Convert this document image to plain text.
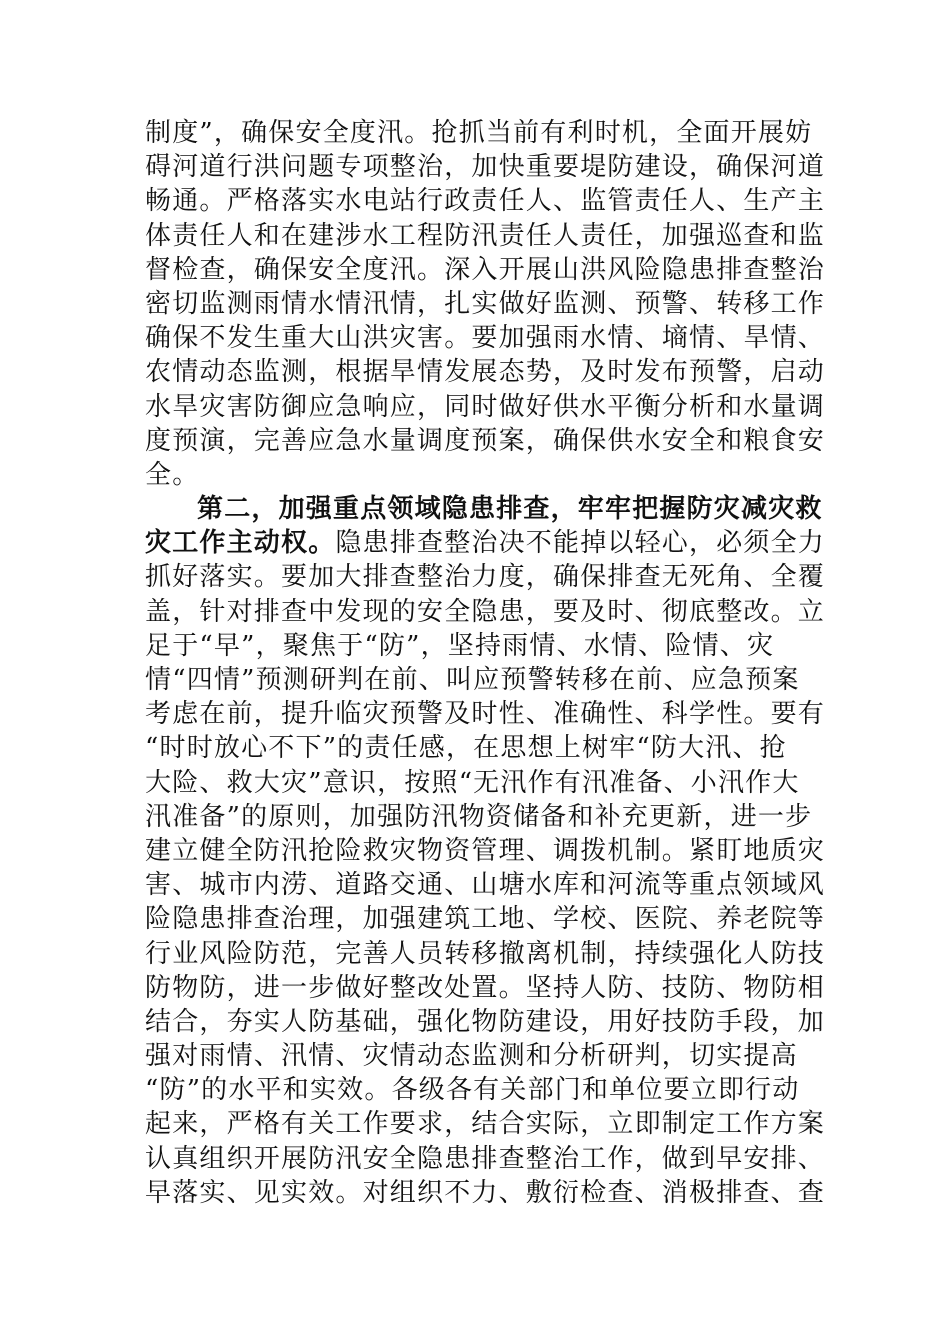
制度”，确保安全度汛。抢抓当前有利时机，全面开展妨
碍河道行洪问题专项整治，加快重要堤防建设，确保河道
畅通。严格落实水电站行政责任人、监管责任人、生产主
体责任人和在建涉水工程防汛责任人责任，加强巡查和监
督检查，确保安全度汛。深入开展山洪风险隐患排查整治
密切监测雨情水情汛情，扎实做好监测、预警、转移工作
确保不发生重大山洪灾害。要加强雨水情、墒情、旱情、
农情动态监测，根据旱情发展态势，及时发布预警，启动
水旱灾害防御应急响应，同时做好供水平衡分析和水量调
度预演，完善应急水量调度预案，确保供水安全和粮食安
全。
第二，加强重点领域隐患排查，牢牢把握防灾减灾救
灾工作主动权。隐患排查整治决不能掉以轻心，必须全力
抓好落实。要加大排查整治力度，确保排查无死角、全覆
盖，针对排查中发现的安全隐患，要及时、彻底整改。立
足于“早”，聚焦于“防”，坚持雨情、水情、险情、灾
情“四情”预测研判在前、叫应预警转移在前、应急预案
考虑在前，提升临灾预警及时性、准确性、科学性。要有
“时时放心不下”的责任感，在思想上树牢“防大汛、抢
大险、救大灾”意识，按照“无汛作有汛准备、小汛作大
汛准备”的原则，加强防汛物资储备和补充更新，进一步
建立健全防汛抢险救灾物资管理、调拨机制。紧盯地质灾
害、城市内涝、道路交通、山塘水库和河流等重点领域风
险隐患排查治理，加强建筑工地、学校、医院、养老院等
行业风险防范，完善人员转移撤离机制，持续强化人防技
防物防，进一步做好整改处置。坚持人防、技防、物防相
结合，夯实人防基础，强化物防建设，用好技防手段，加
强对雨情、汛情、灾情动态监测和分析研判，切实提高
“防”的水平和实效。各级各有关部门和单位要立即行动
起来，严格有关工作要求，结合实际，立即制定工作方案
认真组织开展防汛安全隐患排查整治工作，做到早安排、
早落实、见实效。对组织不力、敷衍检查、消极排查、查
